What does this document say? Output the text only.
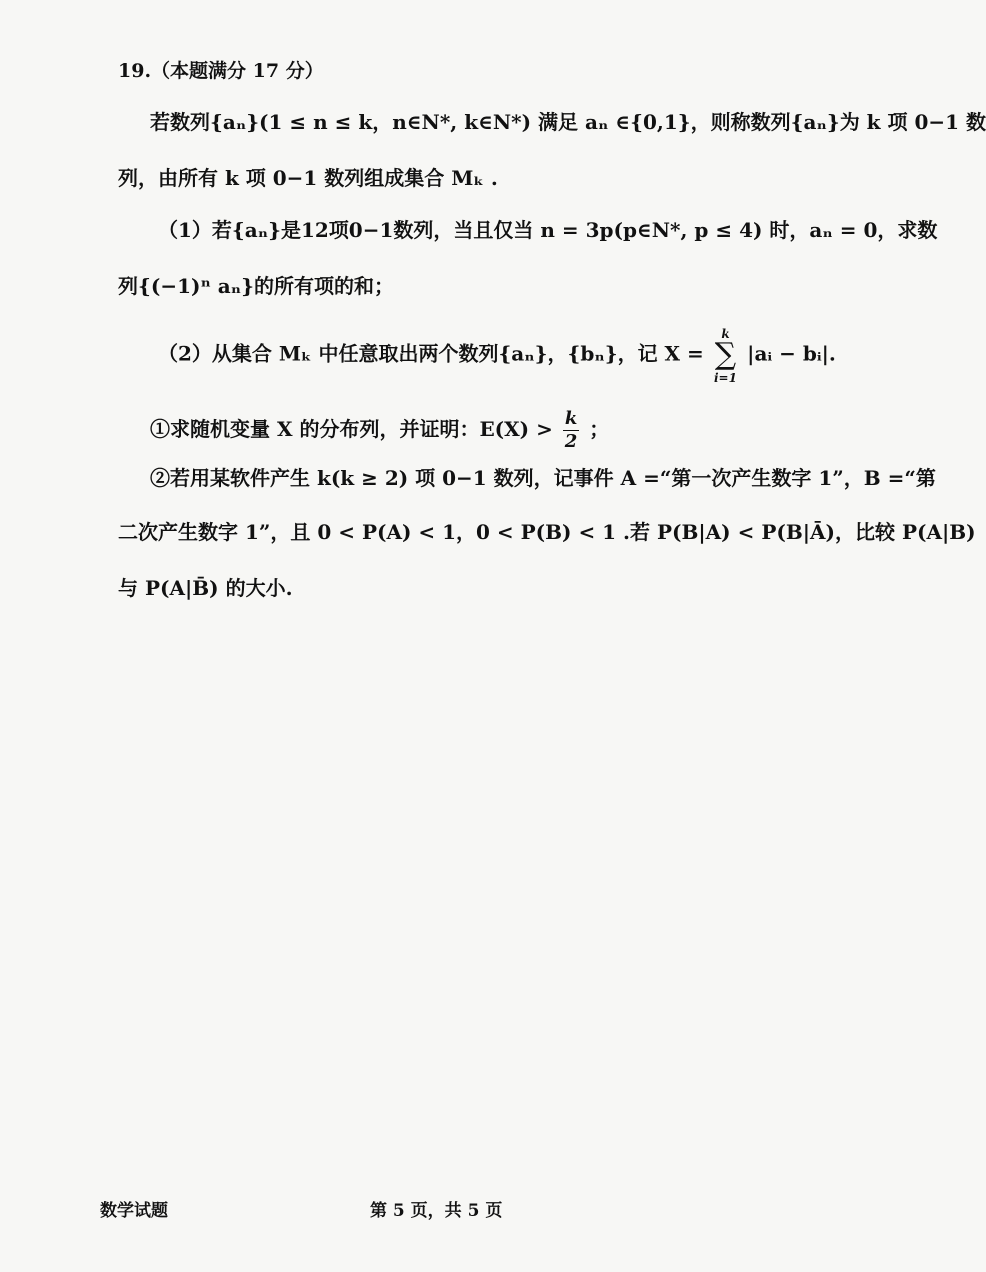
19.（本题满分 17 分）
若数列{aₙ}(1 ≤ n ≤ k，n∈N*, k∈N*) 满足 aₙ ∈{0,1}，则称数列{aₙ}为 k 项 0−1 数
列，由所有 k 项 0−1 数列组成集合 Mₖ .
（1）若{aₙ}是12项0−1数列，当且仅当 n = 3p(p∈N*, p ≤ 4) 时，aₙ = 0，求数
列{(−1)ⁿ aₙ}的所有项的和；
（2）从集合 Mₖ 中任意取出两个数列{aₙ}，{bₙ}，记 X = ∑
k
i=1
|aᵢ − bᵢ|.
①求随机变量 X 的分布列，并证明：$E(X) > \frac{k}{2}$ ；
②若用某软件产生 k(k ≥ 2) 项 0−1 数列，记事件 A =“第一次产生数字 1”，B =“第
二次产生数字 1”，且 0 < P(A) < 1，0 < P(B) < 1 .若 P(B|A) < P(B|Ā)，比较 P(A|B)
与 P(A|B̄) 的大小.
数学试题	第 5 页，共 5 页
